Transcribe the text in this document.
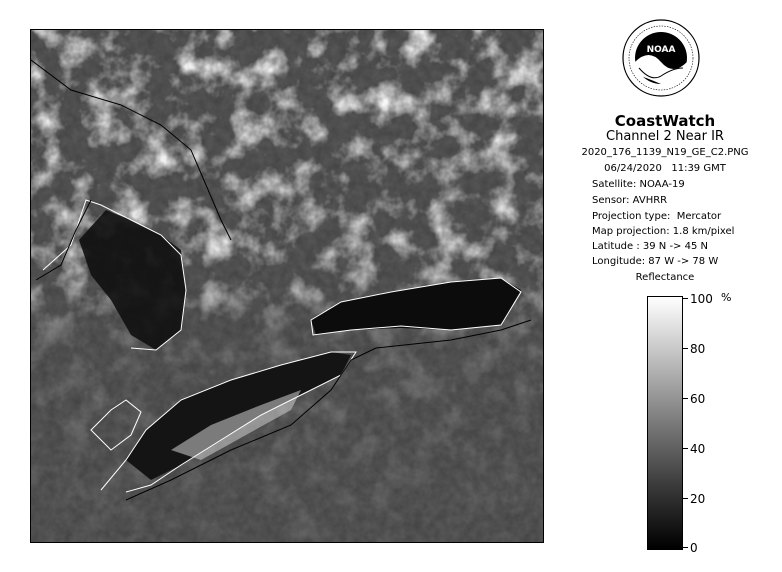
NOAA
CoastWatch
Channel 2 Near IR
2020_176_1139_N19_GE_C2.PNG
06/24/2020   11:39 GMT
Satellite: NOAA-19
Sensor: AVHRR
Projection type:  Mercator
Map projection: 1.8 km/pixel
Latitude : 39 N -> 45 N
Longitude: 87 W -> 78 W
Reflectance
%
100
80
60
40
20
0
